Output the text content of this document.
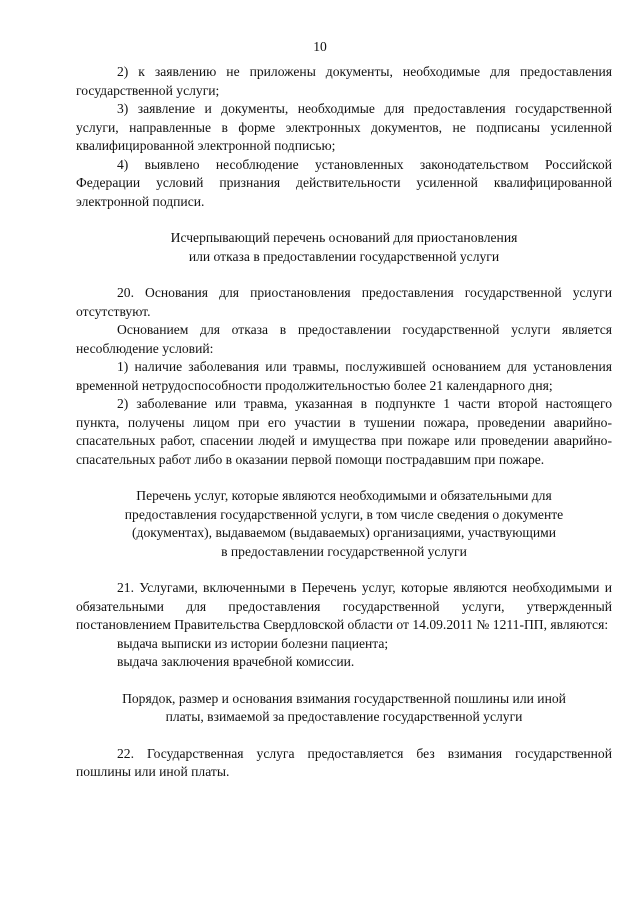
10

2) к заявлению не приложены документы, необходимые для предоставления государственной услуги;

3) заявление и документы, необходимые для предоставления государственной услуги, направленные в форме электронных документов, не подписаны усиленной квалифицированной электронной подписью;

4) выявлено несоблюдение установленных законодательством Российской Федерации условий признания действительности усиленной квалифицированной электронной подписи.

Исчерпывающий перечень оснований для приостановления
или отказа в предоставлении государственной услуги

20. Основания для приостановления предоставления государственной услуги отсутствуют.

Основанием для отказа в предоставлении государственной услуги является несоблюдение условий:

1) наличие заболевания или травмы, послужившей основанием для установления временной нетрудоспособности продолжительностью более 21 календарного дня;

2) заболевание или травма, указанная в подпункте 1 части второй настоящего пункта, получены лицом при его участии в тушении пожара, проведении аварийно-спасательных работ, спасении людей и имущества при пожаре или проведении аварийно-спасательных работ либо в оказании первой помощи пострадавшим при пожаре.

Перечень услуг, которые являются необходимыми и обязательными для
предоставления государственной услуги, в том числе сведения о документе
(документах), выдаваемом (выдаваемых) организациями, участвующими
в предоставлении государственной услуги

21. Услугами, включенными в Перечень услуг, которые являются необходимыми и обязательными для предоставления государственной услуги, утвержденный постановлением Правительства Свердловской области от 14.09.2011 № 1211-ПП, являются:

выдача выписки из истории болезни пациента;

выдача заключения врачебной комиссии.

Порядок, размер и основания взимания государственной пошлины или иной
платы, взимаемой за предоставление государственной услуги

22. Государственная услуга предоставляется без взимания государственной пошлины или иной платы.
